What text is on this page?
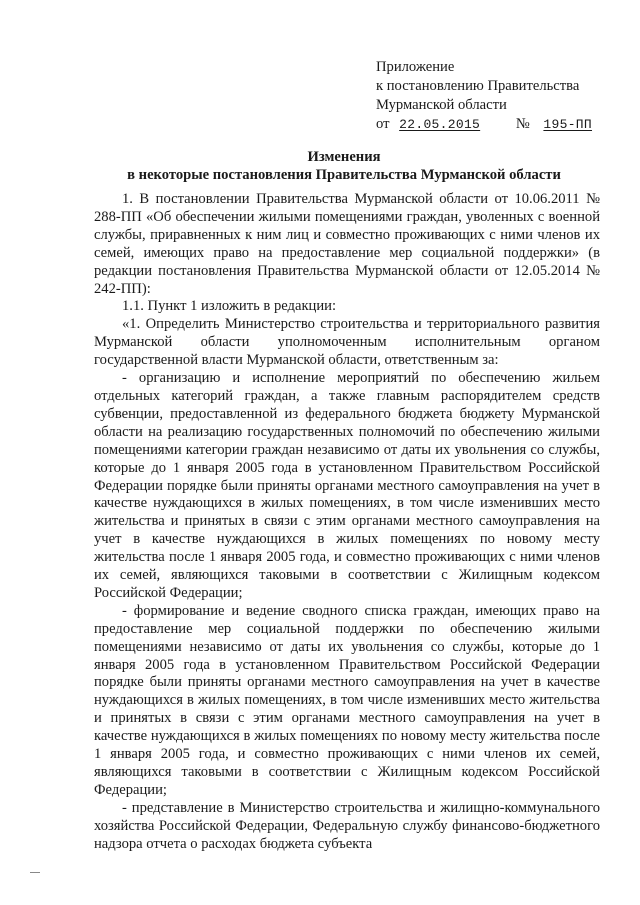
Приложение
к постановлению Правительства
Мурманской области
от 22.05.2015 № 195-ПП
Изменения
в некоторые постановления Правительства Мурманской области

1. В постановлении Правительства Мурманской области от 10.06.2011 № 288-ПП «Об обеспечении жилыми помещениями граждан, уволенных с военной службы, приравненных к ним лиц и совместно проживающих с ними членов их семей, имеющих право на предоставление мер социальной поддержки» (в редакции постановления Правительства Мурманской области от 12.05.2014 № 242-ПП):

1.1. Пункт 1 изложить в редакции:

«1. Определить Министерство строительства и территориального развития Мурманской области уполномоченным исполнительным органом государственной власти Мурманской области, ответственным за:

- организацию и исполнение мероприятий по обеспечению жильем отдельных категорий граждан, а также главным распорядителем средств субвенции, предоставленной из федерального бюджета бюджету Мурманской области на реализацию государственных полномочий по обеспечению жилыми помещениями категории граждан независимо от даты их увольнения со службы, которые до 1 января 2005 года в установленном Правительством Российской Федерации порядке были приняты органами местного самоуправления на учет в качестве нуждающихся в жилых помещениях, в том числе изменивших место жительства и принятых в связи с этим органами местного самоуправления на учет в качестве нуждающихся в жилых помещениях по новому месту жительства после 1 января 2005 года, и совместно проживающих с ними членов их семей, являющихся таковыми в соответствии с Жилищным кодексом Российской Федерации;

- формирование и ведение сводного списка граждан, имеющих право на предоставление мер социальной поддержки по обеспечению жилыми помещениями независимо от даты их увольнения со службы, которые до 1 января 2005 года в установленном Правительством Российской Федерации порядке были приняты органами местного самоуправления на учет в качестве нуждающихся в жилых помещениях, в том числе изменивших место жительства и принятых в связи с этим органами местного самоуправления на учет в качестве нуждающихся в жилых помещениях по новому месту жительства после 1 января 2005 года, и совместно проживающих с ними членов их семей, являющихся таковыми в соответствии с Жилищным кодексом Российской Федерации;

- представление в Министерство строительства и жилищно-коммунального хозяйства Российской Федерации, Федеральную службу финансово-бюджетного надзора отчета о расходах бюджета субъекта
